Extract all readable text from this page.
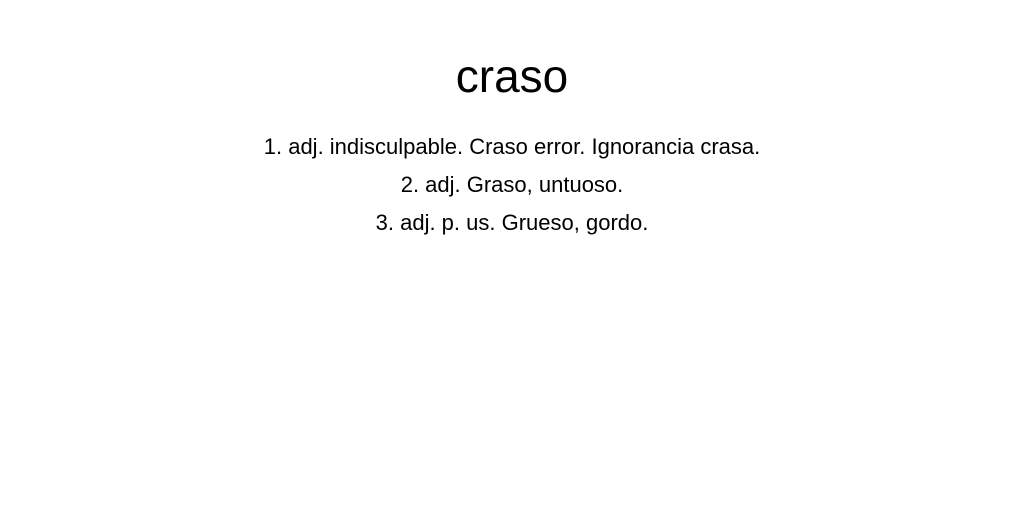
craso
1. adj. indisculpable. Craso error. Ignorancia crasa.
2. adj. Graso, untuoso.
3. adj. p. us. Grueso, gordo.
